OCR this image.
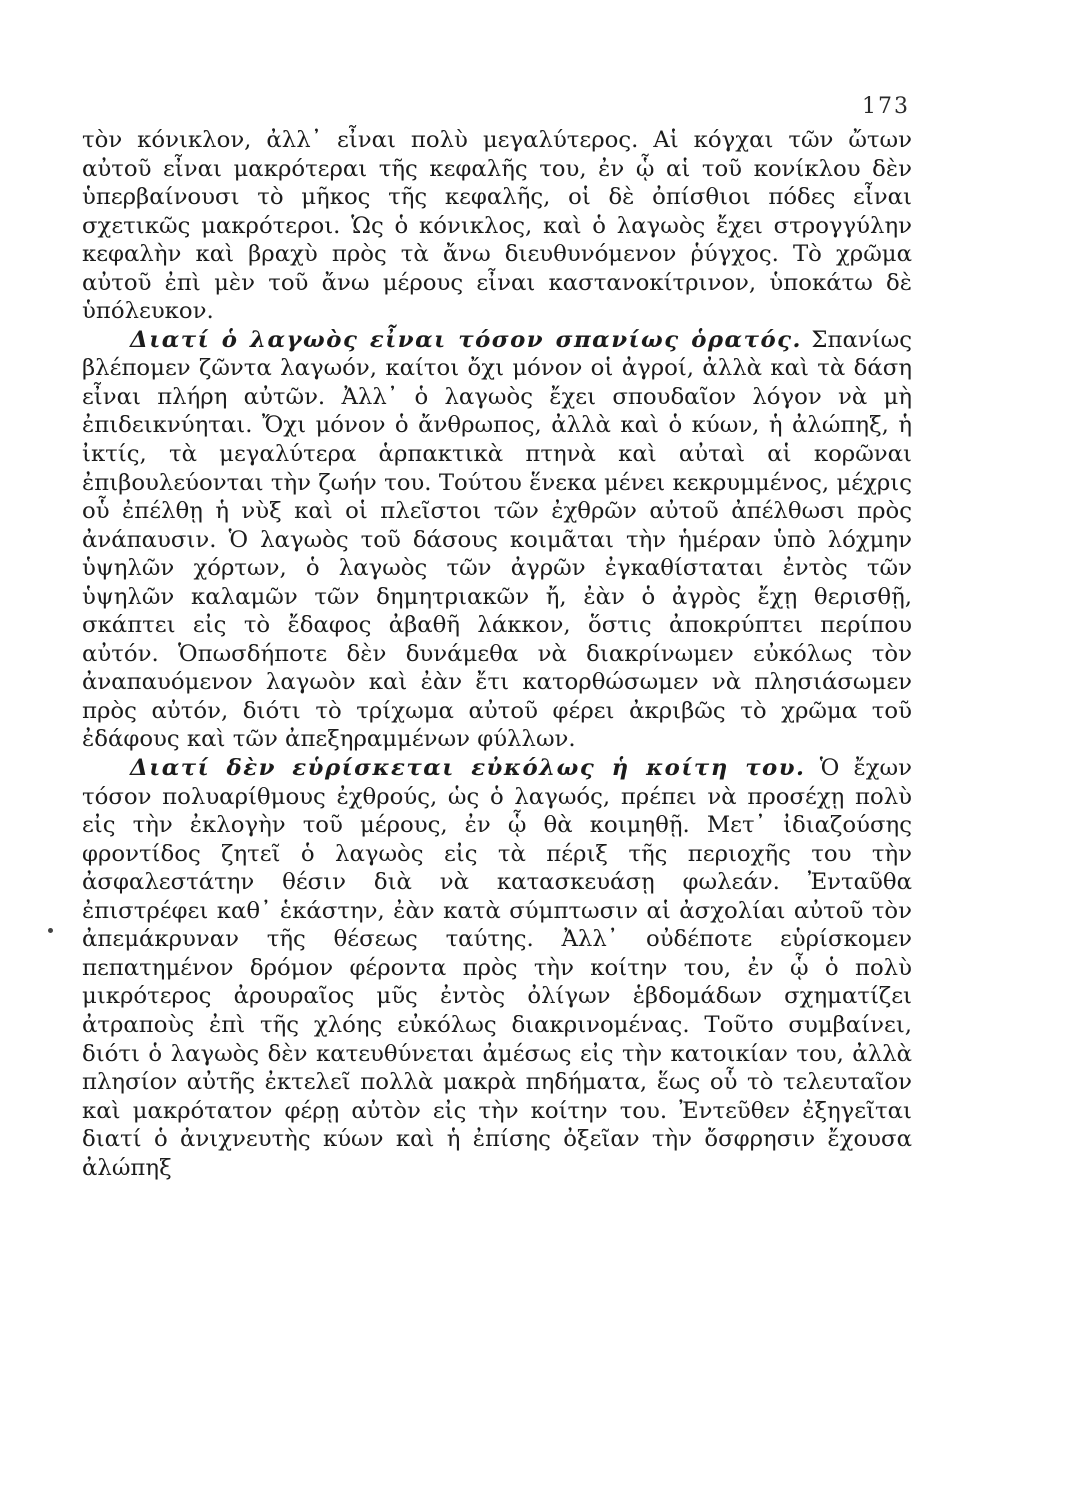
173

τὸν κόνικλον, ἀλλ᾽ εἶναι πολὺ μεγαλύτερος. Αἱ κόγχαι τῶν ὤτων αὐτοῦ εἶναι μακρότεραι τῆς κεφαλῆς του, ἐν ᾧ αἱ τοῦ κονίκλου δὲν ὑπερβαίνουσι τὸ μῆκος τῆς κεφαλῆς, οἱ δὲ ὀπίσθιοι πόδες εἶναι σχετικῶς μακρότεροι. Ὡς ὁ κόνικλος, καὶ ὁ λαγωὸς ἔχει στρογγύλην κεφαλὴν καὶ βραχὺ πρὸς τὰ ἄνω διευθυνόμενον ῥύγχος. Τὸ χρῶμα αὐτοῦ ἐπὶ μὲν τοῦ ἄνω μέρους εἶναι καστανοκίτρινον, ὑποκάτω δὲ ὑπόλευκον.

Διατί ὁ λαγωὸς εἶναι τόσον σπανίως ὁρατός. Σπανίως βλέπομεν ζῶντα λαγωόν, καίτοι ὄχι μόνον οἱ ἀγροί, ἀλλὰ καὶ τὰ δάση εἶναι πλήρη αὐτῶν. Ἀλλ᾽ ὁ λαγωὸς ἔχει σπουδαῖον λόγον νὰ μὴ ἐπιδεικνύηται. Ὄχι μόνον ὁ ἄνθρωπος, ἀλλὰ καὶ ὁ κύων, ἡ ἀλώπηξ, ἡ ἰκτίς, τὰ μεγαλύτερα ἁρπακτικὰ πτηνὰ καὶ αὐταὶ αἱ κορῶναι ἐπιβουλεύονται τὴν ζωήν του. Τούτου ἕνεκα μένει κεκρυμμένος, μέχρις οὗ ἐπέλθῃ ἡ νὺξ καὶ οἱ πλεῖστοι τῶν ἐχθρῶν αὐτοῦ ἀπέλθωσι πρὸς ἀνάπαυσιν. Ὁ λαγωὸς τοῦ δάσους κοιμᾶται τὴν ἡμέραν ὑπὸ λόχμην ὑψηλῶν χόρτων, ὁ λαγωὸς τῶν ἀγρῶν ἐγκαθίσταται ἐντὸς τῶν ὑψηλῶν καλαμῶν τῶν δημητριακῶν ἤ, ἐὰν ὁ ἀγρὸς ἔχῃ θερισθῇ, σκάπτει εἰς τὸ ἔδαφος ἀβαθῆ λάκκον, ὅστις ἀποκρύπτει περίπου αὐτόν. Ὁπωσδήποτε δὲν δυνάμεθα νὰ διακρίνωμεν εὐκόλως τὸν ἀναπαυόμενον λαγωὸν καὶ ἐὰν ἔτι κατορθώσωμεν νὰ πλησιάσωμεν πρὸς αὐτόν, διότι τὸ τρίχωμα αὐτοῦ φέρει ἀκριβῶς τὸ χρῶμα τοῦ ἐδάφους καὶ τῶν ἀπεξηραμμένων φύλλων.

Διατί δὲν εὑρίσκεται εὐκόλως ἡ κοίτη του. Ὁ ἔχων τόσον πολυαρίθμους ἐχθρούς, ὡς ὁ λαγωός, πρέπει νὰ προσέχῃ πολὺ εἰς τὴν ἐκλογὴν τοῦ μέρους, ἐν ᾧ θὰ κοιμηθῇ. Μετ᾽ ἰδιαζούσης φροντίδος ζητεῖ ὁ λαγωὸς εἰς τὰ πέριξ τῆς περιοχῆς του τὴν ἀσφαλεστάτην θέσιν διὰ νὰ κατασκευάσῃ φωλεάν. Ἐνταῦθα ἐπιστρέφει καθ᾽ ἑκάστην, ἐὰν κατὰ σύμπτωσιν αἱ ἀσχολίαι αὐτοῦ τὸν ἀπεμάκρυναν τῆς θέσεως ταύτης. Ἀλλ᾽ οὐδέποτε εὑρίσκομεν πεπατημένον δρόμον φέροντα πρὸς τὴν κοίτην του, ἐν ᾧ ὁ πολὺ μικρότερος ἀρουραῖος μῦς ἐντὸς ὀλίγων ἑβδομάδων σχηματίζει ἀτραποὺς ἐπὶ τῆς χλόης εὐκόλως διακρινομένας. Τοῦτο συμβαίνει, διότι ὁ λαγωὸς δὲν κατευθύνεται ἀμέσως εἰς τὴν κατοικίαν του, ἀλλὰ πλησίον αὐτῆς ἐκτελεῖ πολλὰ μακρὰ πηδήματα, ἕως οὗ τὸ τελευταῖον καὶ μακρότατον φέρῃ αὐτὸν εἰς τὴν κοίτην του. Ἐντεῦθεν ἐξηγεῖται διατί ὁ ἀνιχνευτὴς κύων καὶ ἡ ἐπίσης ὀξεῖαν τὴν ὄσφρησιν ἔχουσα ἀλώπηξ
